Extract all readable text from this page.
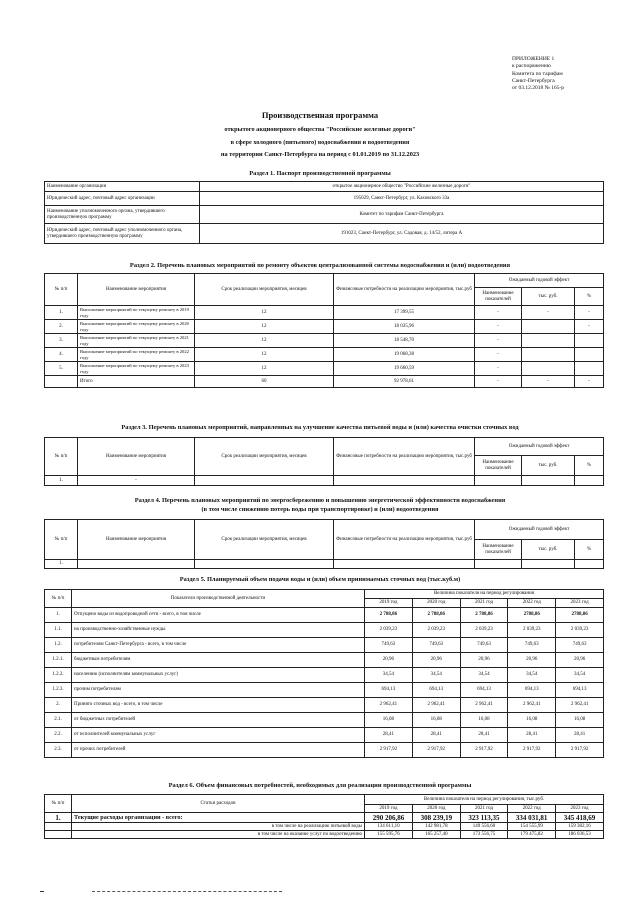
ПРИЛОЖЕНИЕ 1
к распоряжению
Комитета по тарифам
Санкт-Петербурга
от 03.12.2018 № 165-р
Производственная программа
открытого акционерного общества "Российские железные дороги"
в сфере холодного (питьевого) водоснабжения и водоотведения
на территории Санкт-Петербурга на период с 01.01.2019 по 31.12.2023
Раздел 1. Паспорт производственной программы
Наименование организации	открытое акционерное общество "Российские железные дороги"
Юридический адрес, почтовый адрес организации	195029, Санкт-Петербург, ул. Каховского 33а
Наименование уполномоченного органа, утвердившего производственную программу	Комитет по тарифам Санкт-Петербурга
Юридический адрес, почтовый адрес уполномоченного органа, утвердившего производственную программу	191023, Санкт-Петербург, ул. Садовая, д. 14/52, литера А
Раздел 2. Перечень плановых мероприятий по ремонту объектов централизованной системы водоснабжения и (или) водоотведения
№ п/п	Наименование мероприятия	Срок реализации мероприятия, месяцев	Финансовые потребности на реализацию мероприятия, тыс.руб	Ожидаемый годовой эффект		
				Наименование показателей	тыс. руб.	%
1.	Выполнение мероприятий по текущему ремонту в 2019 году	12	17 399,55	-	-	-
2.	Выполнение мероприятий по текущему ремонту в 2020 году	12	18 035,96	-		-
3.	Выполнение мероприятий по текущему ремонту в 2021 году	12	18 548,70	-		
4.	Выполнение мероприятий по текущему ремонту в 2022 году	12	19 068,38	-		
5.	Выполнение мероприятий по текущему ремонту в 2023 году	12	19 660,59	-		
	Итого	60	92 978,61	-	-	-
Раздел 3. Перечень плановых мероприятий, направленных на улучшение качества питьевой воды и (или) качества очистки сточных вод
№ п/п	Наименование мероприятия	Срок реализации мероприятия, месяцев	Финансовые потребности на реализацию мероприятия, тыс.руб	Ожидаемый годовой эффект		
				Наименование показателей	тыс. руб.	%
1.	-					
Раздел 4. Перечень плановых мероприятий по энергосбережению и повышению энергетической эффективности водоснабжения
(в том числе снижению потерь воды при транспортировке) и (или) водоотведения
№ п/п	Наименование мероприятия	Срок реализации мероприятия, месяцев	Финансовые потребности на реализацию мероприятия, тыс.руб	Ожидаемый годовой эффект		
				Наименование показателей	тыс. руб.	%
1.						
Раздел 5. Планируемый объем подачи воды и (или) объем принимаемых сточных вод (тыс.куб.м)
№ п/п	Показатели производственной деятельности	Величина показателя на период регулирования				
		2019 год	2020 год	2021 год	2022 год	2023 год
1.	Отпущено воды из водопроводной сети - всего, в том числе	2 788,86	2 788,86	2 788,86	2788,86	2788,86
1.1.	на производственно-хозяйственные нужды	2 039,23	2 039,23	2 039,23	2 039,23	2 039,23
1.2.	потребителям Санкт-Петербурга - всего, в том числе	749,63	749,63	749,63	749,63	749,63
1.2.1.	бюджетным потребителям	20,96	20,96	20,96	20,96	20,96
1.2.2.	населению (исполнителям коммунальных услуг)	34,54	34,54	34,54	34,54	34,54
1.2.3.	прочим потребителям	694,13	694,13	694,13	694,13	694,13
2.	Принято сточных вод - всего, в том числе	2 962,41	2 962,41	2 962,41	2 962,41	2 962,41
2.1.	от бюджетных потребителей	16,08	16,08	16,08	16,08	16,08
2.2.	от исполнителей коммунальных услуг	28,41	28,41	28,41	28,41	28,41
2.3.	от прочих потребителей	2 917,92	2 917,92	2 917,92	2 917,92	2 917,92
Раздел 6. Объем финансовых потребностей, необходимых для реализации производственной программы
№ п/п	Статьи расходов	Величина показателя на период регулирования, тыс.руб.				
		2019 год	2020 год	2021 год	2022 год	2023 год
1.	Текущие расходы организации - всего:	290 206,86	308 239,19	323 113,35	334 031,81	345 418,69
	в том числе на реализацию питьевой воды	134 611,10	142 981,78	149 556,60	154 555,99	159 382,16
	в том числе на оказание услуг по водоотведению	155 595,76	165 257,40	173 556,75	179 475,82	186 036,53
